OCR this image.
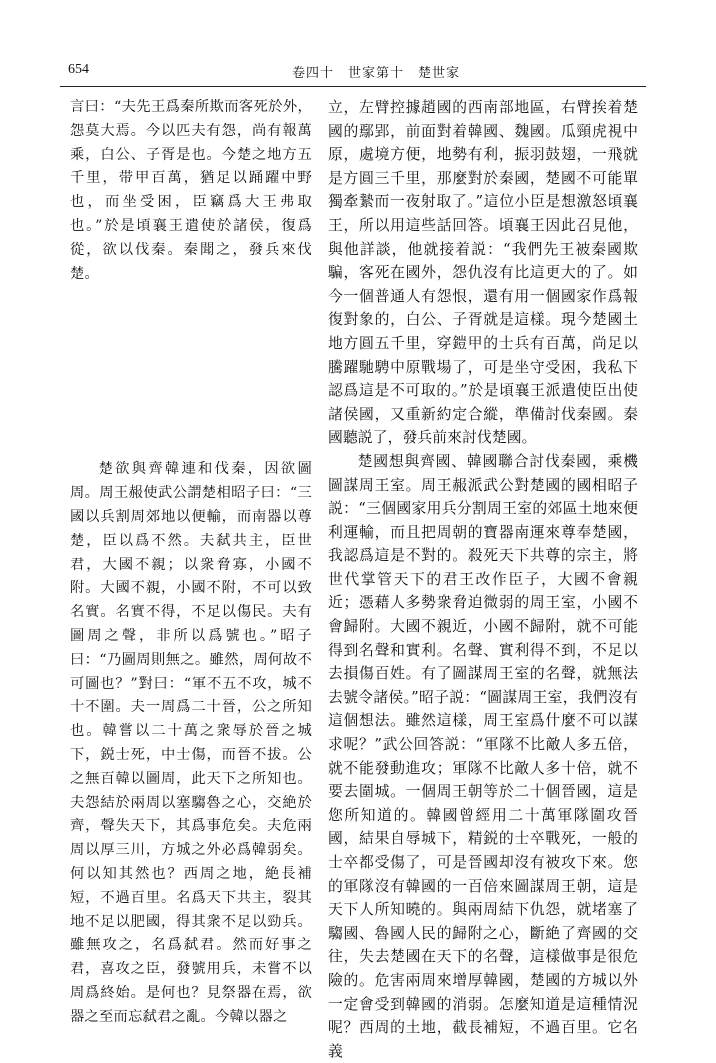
654	卷四十　世家第十　楚世家

言曰：“夫先王爲秦所欺而客死於外，怨莫大焉。今以匹夫有怨，尚有報萬乘，白公、子胥是也。今楚之地方五千里，带甲百萬，猶足以踊躍中野也，而坐受困，臣竊爲大王弗取也。”於是頃襄王遣使於諸侯，復爲從，欲以伐秦。秦聞之，發兵來伐楚。

楚欲與齊韓連和伐秦，因欲圖周。周王赧使武公謂楚相昭子曰：“三國以兵割周郊地以便輸，而南器以尊楚，臣以爲不然。夫弑共主，臣世君，大國不親；以衆脅寡，小國不附。大國不親，小國不附，不可以致名實。名實不得，不足以傷民。夫有圖周之聲，非所以爲號也。”昭子曰：“乃圖周則無之。雖然，周何故不可圖也？”對曰：“軍不五不攻，城不十不圍。夫一周爲二十晉，公之所知也。韓嘗以二十萬之衆辱於晉之城下，鋭士死，中士傷，而晉不拔。公之無百韓以圖周，此天下之所知也。夫怨結於兩周以塞騶魯之心，交絶於齊，聲失天下，其爲事危矣。夫危兩周以厚三川，方城之外必爲韓弱矣。何以知其然也？西周之地，絶長補短，不過百里。名爲天下共主，裂其地不足以肥國，得其衆不足以勁兵。雖無攻之，名爲弑君。然而好事之君，喜攻之臣，發號用兵，未嘗不以周爲終始。是何也？見祭器在焉，欲器之至而忘弑君之亂。今韓以器之

立，左臂控據趙國的西南部地區，右臂挨着楚國的鄢郢，前面對着韓國、魏國。瓜頸虎視中原，處境方便，地勢有利，振羽鼓翅，一飛就是方圓三千里，那麼對於秦國，楚國不可能單獨牽縶而一夜射取了。”這位小臣是想激怒頃襄王，所以用這些話回答。頃襄王因此召見他，與他詳談，他就接着説：“我們先王被秦國欺騙，客死在國外，怨仇沒有比這更大的了。如今一個普通人有怨恨，還有用一個國家作爲報復對象的，白公、子胥就是這樣。現今楚國土地方圓五千里，穿鎧甲的士兵有百萬，尚足以騰躍馳騁中原戰場了，可是坐守受困，我私下認爲這是不可取的。”於是頃襄王派遣使臣出使諸侯國，又重新約定合縱，準備討伐秦國。秦國聽説了，發兵前來討伐楚國。

楚國想與齊國、韓國聯合討伐秦國，乘機圖謀周王室。周王赧派武公對楚國的國相昭子説：“三個國家用兵分割周王室的郊區土地來便利運輸，而且把周朝的寶器南運來尊奉楚國，我認爲這是不對的。殺死天下共尊的宗主，將世代掌管天下的君王改作臣子，大國不會親近；憑藉人多勢衆脅迫微弱的周王室，小國不會歸附。大國不親近，小國不歸附，就不可能得到名聲和實利。名聲、實利得不到，不足以去損傷百姓。有了圖謀周王室的名聲，就無法去號令諸侯。”昭子説：“圖謀周王室，我們沒有這個想法。雖然這樣，周王室爲什麼不可以謀求呢？”武公回答説：“軍隊不比敵人多五倍，就不能發動進攻；軍隊不比敵人多十倍，就不要去圍城。一個周王朝等於二十個晉國，這是您所知道的。韓國曾經用二十萬軍隊圍攻晉國，結果自辱城下，精鋭的士卒戰死，一般的士卒都受傷了，可是晉國却沒有被攻下來。您的軍隊沒有韓國的一百倍來圖謀周王朝，這是天下人所知曉的。與兩周結下仇怨，就堵塞了騶國、魯國人民的歸附之心，斷絶了齊國的交往，失去楚國在天下的名聲，這樣做事是很危險的。危害兩周來增厚韓國，楚國的方城以外一定會受到韓國的消弱。怎麼知道是這種情況呢？西周的土地，截長補短，不過百里。它名義
